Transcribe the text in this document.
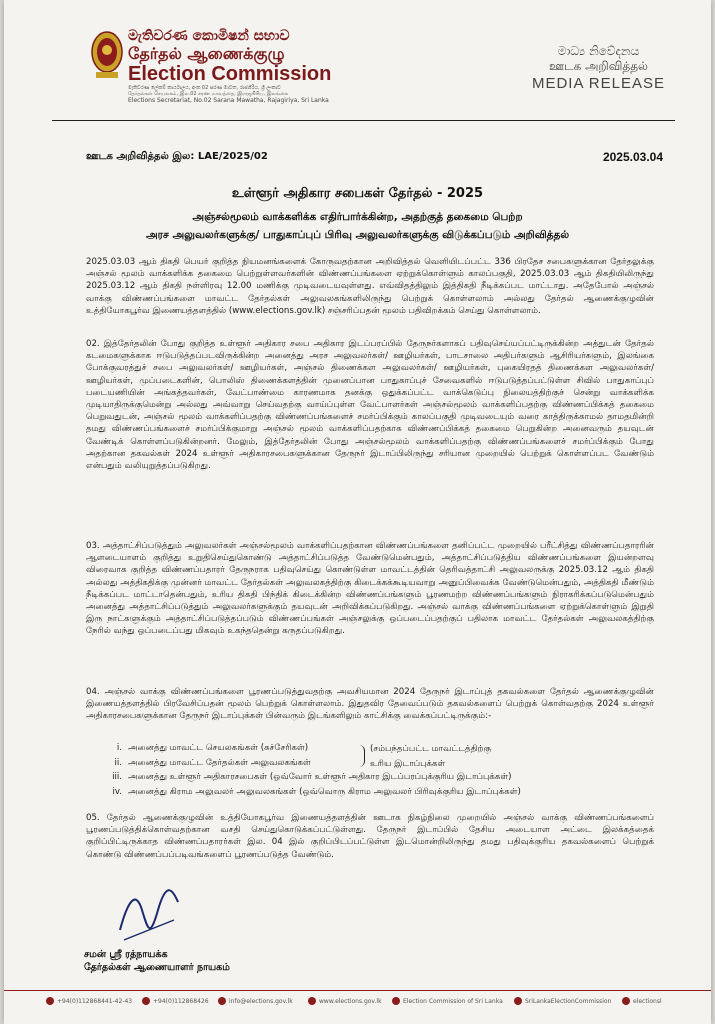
මැතිවරණ කොමිෂන් සභාව
தேர்தல் ஆணைக்குழு
Election Commission
මැතිවරණ ලේකම් කාර්යාලය, අංක 02 සරණ මාවත, රාජගිරිය, ශ්‍රී ලංකාව
தேர்தல்கள் செயலகம், இல.02 சரண மாவத்தை, இராஜகிரிய, இலங்கை
Elections Secretariat, No.02 Sarana Mawatha, Rajagiriya, Sri Lanka
මාධ්‍ය නිවේදනය
ஊடக அறிவித்தல்
MEDIA RELEASE
ஊடக அறிவித்தல் இல: LAE/2025/02	2025.03.04
உள்ளூர் அதிகார சபைகள் தேர்தல் - 2025
அஞ்சல்மூலம் வாக்களிக்க எதிர்பார்க்கின்ற, அதற்குத் தகைமை பெற்ற
அரச அலுவலர்களுக்கு/ பாதுகாப்புப் பிரிவு அலுவலர்களுக்கு விடுக்கப்படும் அறிவித்தல்
2025.03.03 ஆம் திகதி பெயர் குறித்த நியமனங்களைக் கோருவதற்கான அறிவித்தல் வெளியிடப்பட்ட 336 பிரதேச சபைகளுக்கான தேர்தலுக்கு அஞ்சல் மூலம் வாக்களிக்க தகைமை பெற்றுள்ளவர்களின் விண்ணப்பங்களை ஏற்றுக்கொள்ளும் காலப்பகுதி, 2025.03.03 ஆம் திகதியிலிருந்து 2025.03.12 ஆம் திகதி நள்ளிரவு 12.00 மணிக்கு முடிவடையவுள்ளது. எவ்விதத்திலும் இத்திகதி நீடிக்கப்பட மாட்டாது. அதேபோல் அஞ்சல் வாக்கு விண்ணப்பங்களை மாவட்ட தேர்தல்கள் அலுவலகங்களிலிருந்து பெற்றுக் கொள்ளலாம் அல்லது தேர்தல் ஆணைக்குழுவின் உத்தியோகபூர்வ இணையத்தளத்தில் (www.elections.gov.lk) சஞ்சரிப்பதன் மூலம் பதிவிறக்கம் செய்து கொள்ளலாம்.
02. இத்தேர்தலின் போது குறித்த உள்ளூர் அதிகார சபை அதிகார இடப்பரப்பில் தேருநர்களாகப் பதிவுசெய்யப்பட்டிருக்கின்ற அத்துடன் தேர்தல் கடமைகளுக்காக ஈடுபடுத்தப்படவிருக்கின்ற அனைத்து அரச அலுவலர்கள்/ ஊழியர்கள், பாடசாலை அதிபர்களும் ஆசிரியர்களும், இலங்கை போக்குவரத்துச் சபை அலுவலர்கள்/ ஊழியர்கள், அஞ்சல் திணைக்கள அலுவலர்கள்/ ஊழியர்கள், புகையிரதத் திணைக்கள அலுவலர்கள்/ ஊழியர்கள், முப்படைகளின், பொலிஸ் திணைக்களத்தின் முனைப்பான பாதுகாப்புச் சேவைகளில் ஈடுபடுத்தப்பட்டுள்ள சிவில் பாதுகாப்புப் படையணியின் அங்கத்தவர்கள், வேட்பாண்மை காரணமாக தனக்கு ஒதுக்கப்பட்ட வாக்கெடுப்பு நிலையத்திற்குச் சென்று வாக்களிக்க முடியாதிருக்குமென்று அல்லது அவ்வாறு செய்வதற்கு வாய்ப்புள்ள வேட்பாளர்கள் அஞ்சல்மூலம் வாக்களிப்பதற்கு விண்ணப்பிக்கத் தகைமை பெறுவதுடன், அஞ்சல் மூலம் வாக்களிப்பதற்கு விண்ணப்பங்களைச் சமர்ப்பிக்கும் காலப்பகுதி முடிவடையும் வரை காத்திருக்காமல் தாமதமின்றி தமது விண்ணப்பங்களைச் சமர்ப்பிக்குமாறு அஞ்சல் மூலம் வாக்களிப்பதற்காக விண்ணப்பிக்கத் தகைமை பெறுகின்ற அனைவரும் தயவுடன் வேண்டிக் கொள்ளப்படுகின்றனர். மேலும், இத்தேர்தலின் போது அஞ்சல்மூலம் வாக்களிப்பதற்கு விண்ணப்பங்களைச் சமர்ப்பிக்கும் போது அதற்கான தகவல்கள் 2024 உள்ளூர் அதிகாரசபைகளுக்கான தேருநர் இடாப்பிலிருந்து சரியான முறையில் பெற்றுக் கொள்ளப்பட வேண்டும் என்பதும் வலியுறுத்தப்படுகிறது.
03. அத்தாட்சிப்படுத்தும் அலுவலர்கள் அஞ்சல்மூலம் வாக்களிப்பதற்கான விண்ணப்பங்களை தனிப்பட்ட முறையில் பரீட்சித்து விண்ணப்பதாரரின் ஆளடையாளம் குறித்து உறுதிசெய்துகொண்டு அத்தாட்சிப்படுத்த வேண்டுமென்பதும், அத்தாட்சிப்படுத்திய விண்ணப்பங்களை இயன்றளவு விரைவாக குறித்த விண்ணப்பதாரர் தேருநராக பதிவுசெய்து கொண்டுள்ள மாவட்டத்தின் தெரிவத்தாட்சி அலுவலருக்கு 2025.03.12 ஆம் திகதி அல்லது அத்திகதிக்கு முன்னர் மாவட்ட தேர்தல்கள் அலுவலகத்திற்கு கிடைக்கக்கூடியவாறு அனுப்பிவைக்க வேண்டுமென்பதும், அத்திகதி மீண்டும் நீடிக்கப்பட மாட்டாதென்பதும், உரிய திகதி பிந்திக் கிடைக்கின்ற விண்ணப்பங்களும் பூரணமற்ற விண்ணப்பங்களும் நிராகரிக்கப்படுமென்பதும் அனைத்து அத்தாட்சிப்படுத்தும் அலுவலர்களுக்கும் தயவுடன் அறிவிக்கப்படுகிறது. அஞ்சல் வாக்கு விண்ணப்பங்களை ஏற்றுக்கொள்ளும் இறுதி இரு நாட்களுக்கும் அத்தாட்சிப்படுத்தப்படும் விண்ணப்பங்கள் அஞ்சலுக்கு ஒப்படைப்பதற்குப் பதிலாக மாவட்ட தேர்தல்கள் அலுவலகத்திற்கு நேரில் வந்து ஒப்படைப்பது மிகவும் உகந்ததென்று கருதப்படுகிறது.
04. அஞ்சல் வாக்கு விண்ணப்பங்களை பூரணப்படுத்துவதற்கு அவசியமான 2024 தேருநர் இடாப்புத் தகவல்களை தேர்தல் ஆணைக்குழுவின் இணையத்தளத்தில் பிரவேசிப்பதன் மூலம் பெற்றுக் கொள்ளலாம். இதுதவிர தேவைப்படும் தகவல்களைப் பெற்றுக் கொள்வதற்கு 2024 உள்ளூர் அதிகாரசபைகளுக்கான தேருநர் இடாப்புக்கள் பின்வரும் இடங்களிலும் காட்சிக்கு வைக்கப்பட்டிருக்கும்:-
i. அனைத்து மாவட்ட செயலகங்கள் (கச்சேரிகள்)
ii. அனைத்து மாவட்ட தேர்தல்கள் அலுவலகங்கள்
iii. அனைத்து உள்ளூர் அதிகாரசபைகள் (ஒவ்வோர் உள்ளூர் அதிகார இடப்பரப்புக்குரிய இடாப்புக்கள்)
iv. அனைத்து கிராம அலுவலர் அலுவலகங்கள் (ஒவ்வொரு கிராம அலுவலர் பிரிவுக்குரிய இடாப்புக்கள்)
(சம்பந்தப்பட்ட மாவட்டத்திற்கு
உரிய இடாப்புக்கள்
05. தேர்தல் ஆணைக்குழுவின் உத்தியோகபூர்வ இணையத்தளத்தின் ஊடாக நிகழ்நிலை முறையில் அஞ்சல் வாக்கு விண்ணப்பங்களைப் பூரணப்படுத்திக்கொள்வதற்கான வசதி செய்துகொடுக்கப்பட்டுள்ளது. தேருநர் இடாப்பில் தேசிய அடையாள அட்டை இலக்கத்தைக் குறிப்பிட்டிருக்காத விண்ணப்பதாரர்கள் இல. 04 இல் குறிப்பிடப்பட்டுள்ள இடமொன்றிலிருந்து தமது பதிவுக்குரிய தகவல்களைப் பெற்றுக் கொண்டு விண்ணப்பப்படிவங்களைப் பூரணப்படுத்த வேண்டும்.
சமன் ஸ்ரீ ரத்நாயக்க
தேர்தல்கள் ஆணையாளர் நாயகம்
+94(0)112868441-42-43	+94(0)112868426	info@elections.gov.lk	www.elections.gov.lk	Election Commission of Sri Lanka	SriLankaElectionCommission	electionsl
